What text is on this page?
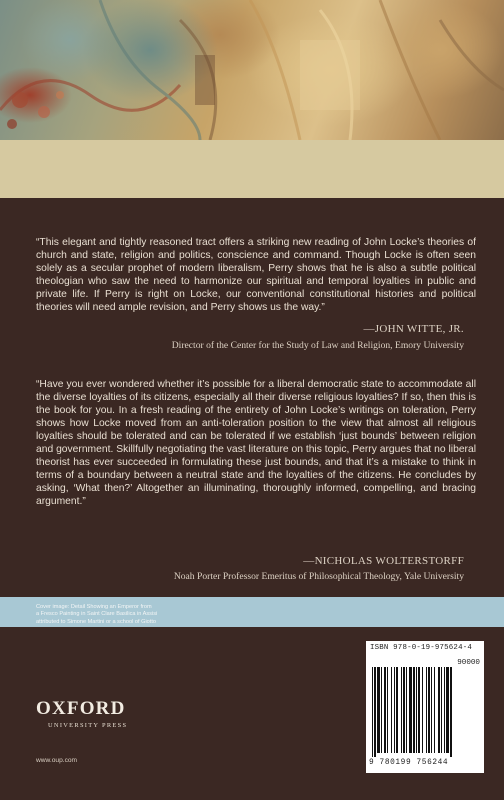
“This elegant and tightly reasoned tract offers a striking new reading of John Locke’s theories of church and state, religion and politics, conscience and command. Though Locke is often seen solely as a secular prophet of modern liberalism, Perry shows that he is also a subtle political theologian who saw the need to harmonize our spiritual and temporal loyalties in public and private life. If Perry is right on Locke, our conventional constitutional histories and political theories will need ample revision, and Perry shows us the way.”

—JOHN WITTE, JR.
Director of the Center for the Study of Law and Religion, Emory University

“Have you ever wondered whether it’s possible for a liberal democratic state to accommodate all the diverse loyalties of its citizens, especially all their diverse religious loyalties? If so, then this is the book for you. In a fresh reading of the entirety of John Locke’s writings on toleration, Perry shows how Locke moved from an anti-toleration position to the view that almost all religious loyalties should be tolerated and can be tolerated if we establish ‘just bounds’ between religion and government. Skillfully negotiating the vast literature on this topic, Perry argues that no liberal theorist has ever succeeded in formulating these just bounds, and that it’s a mistake to think in terms of a boundary between a neutral state and the loyalties of the citizens. He concludes by asking, ‘What then?’ Altogether an illuminating, thoroughly informed, compelling, and bracing argument.”

—NICHOLAS WOLTERSTORFF
Noah Porter Professor Emeritus of Philosophical Theology, Yale University
Cover image: Detail Showing an Emperor from
a Fresco Painting in Saint Clare Basilica in Assisi
attributed to Simone Martini or a school of Giotto
OXFORD
UNIVERSITY PRESS
www.oup.com
ISBN 978-0-19-975624-4
90000
9 780199 756244
